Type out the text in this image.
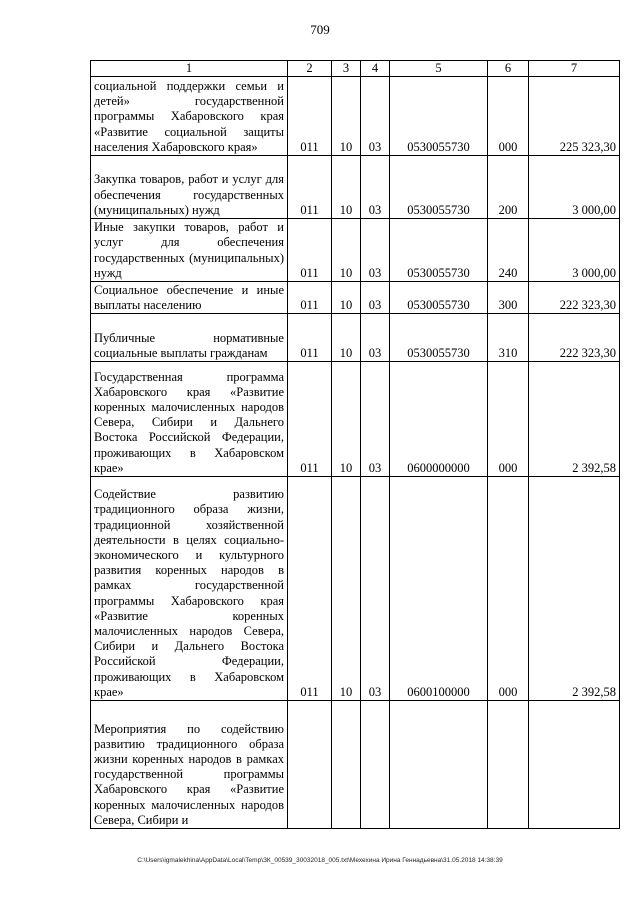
709
1	2	3	4	5	6	7
социальной поддержки семьи и детей» государственной программы Хабаровского края «Развитие социальной защиты населения Хабаровского края»	011	10	03	0530055730	000	225 323,30
Закупка товаров, работ и услуг для обеспечения государственных (муниципальных) нужд	011	10	03	0530055730	200	3 000,00
Иные закупки товаров, работ и услуг для обеспечения государственных (муниципальных) нужд	011	10	03	0530055730	240	3 000,00
Социальное обеспечение и иные выплаты населению	011	10	03	0530055730	300	222 323,30
Публичные нормативные социальные выплаты гражданам	011	10	03	0530055730	310	222 323,30
Государственная программа Хабаровского края «Развитие коренных малочисленных народов Севера, Сибири и Дальнего Востока Российской Федерации, проживающих в Хабаровском крае»	011	10	03	0600000000	000	2 392,58
Содействие развитию традиционного образа жизни, традиционной хозяйственной деятельности в целях социально-экономического и культурного развития коренных народов в рамках государственной программы Хабаровского края «Развитие коренных малочисленных народов Севера, Сибири и Дальнего Востока Российской Федерации, проживающих в Хабаровском крае»	011	10	03	0600100000	000	2 392,58
Мероприятия по содействию развитию традиционного образа жизни коренных народов в рамках государственной программы Хабаровского края «Развитие коренных малочисленных народов Севера, Сибири и						
C:\Users\igmalekhina\AppData\Local\Temp\ЗК_00539_30032018_005.txt\Мехехина Ирина Геннадьевна\31.05.2018 14:38:39
